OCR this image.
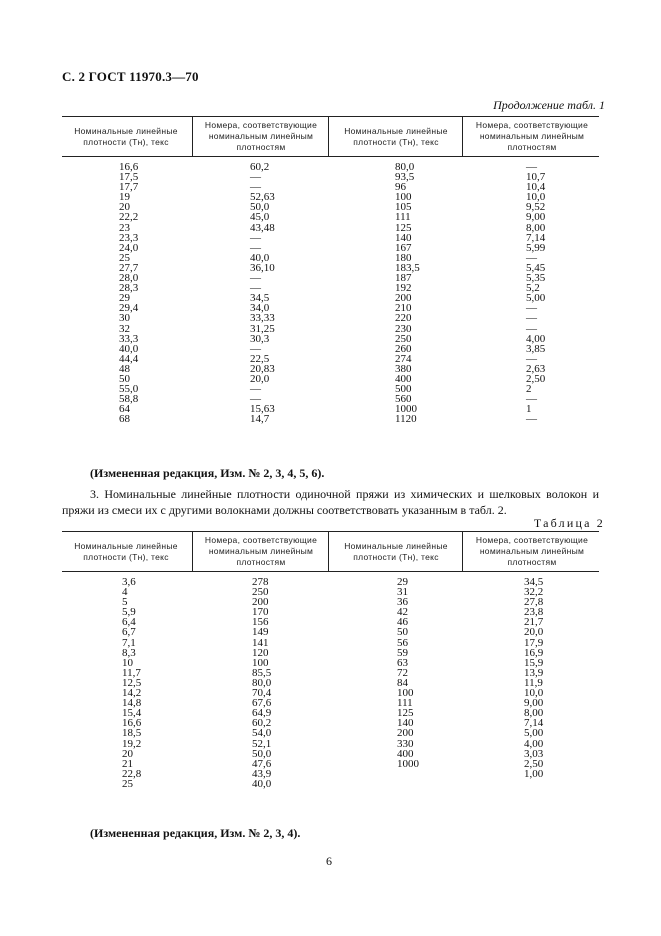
С. 2 ГОСТ 11970.3—70
Продолжение табл. 1
Номинальные линейные плотности (Tн), текс
Номера, соответствующие номинальным линейным плотностям
Номинальные линейные плотности (Tн), текс
Номера, соответствующие номинальным линейным плотностям
16,6
17,5
17,7
19
20
22,2
23
23,3
24,0
25
27,7
28,0
28,3
29
29,4
30
32
33,3
40,0
44,4
48
50
55,0
58,8
64
68
60,2
—
—
52,63
50,0
45,0
43,48
—
—
40,0
36,10
—
—
34,5
34,0
33,33
31,25
30,3
—
22,5
20,83
20,0
—
—
15,63
14,7
80,0
93,5
96
100
105
111
125
140
167
180
183,5
187
192
200
210
220
230
250
260
274
380
400
500
560
1000
1120
—
10,7
10,4
10,0
9,52
9,00
8,00
7,14
5,99
—
5,45
5,35
5,2
5,00
—
—
—
4,00
3,85
—
2,63
2,50
2
—
1
—
(Измененная редакция, Изм. № 2, 3, 4, 5, 6).
3. Номинальные линейные плотности одиночной пряжи из химических и шелковых волокон и пряжи из смеси их с другими волокнами должны соответствовать указанным в табл. 2.
Таблица 2
Номинальные линейные плотности (Tн), текс
Номера, соответствующие номинальным линейным плотностям
Номинальные линейные плотности (Tн), текс
Номера, соответствующие номинальным линейным плотностям
3,6
4
5
5,9
6,4
6,7
7,1
8,3
10
11,7
12,5
14,2
14,8
15,4
16,6
18,5
19,2
20
21
22,8
25
278
250
200
170
156
149
141
120
100
85,5
80,0
70,4
67,6
64,9
60,2
54,0
52,1
50,0
47,6
43,9
40,0
29
31
36
42
46
50
56
59
63
72
84
100
111
125
140
200
330
400
1000
34,5
32,2
27,8
23,8
21,7
20,0
17,9
16,9
15,9
13,9
11,9
10,0
9,00
8,00
7,14
5,00
4,00
3,03
2,50
1,00
(Измененная редакция, Изм. № 2, 3, 4).
6
